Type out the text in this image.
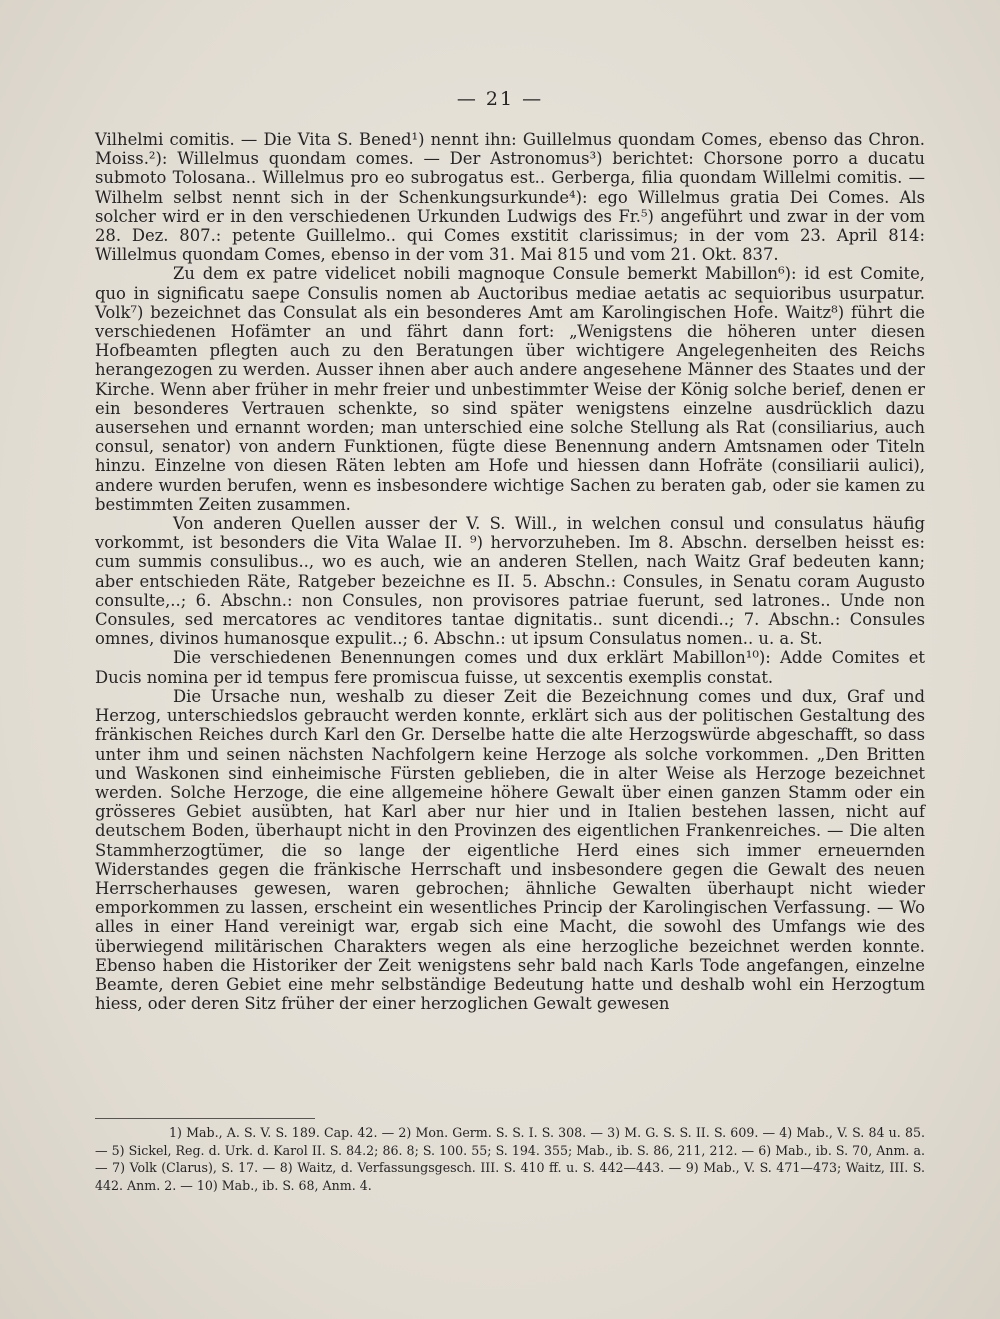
— 21 —

Vilhelmi comitis. — Die Vita S. Bened¹) nennt ihn: Guillelmus quondam Comes, ebenso das Chron. Moiss.²): Willelmus quondam comes. — Der Astronomus³) berichtet: Chorsone porro a ducatu submoto Tolosana.. Willelmus pro eo subrogatus est.. Gerberga, filia quondam Willelmi comitis. — Wilhelm selbst nennt sich in der Schenkungsurkunde⁴): ego Willelmus gratia Dei Comes. Als solcher wird er in den verschiedenen Urkunden Ludwigs des Fr.⁵) angeführt und zwar in der vom 28. Dez. 807.: petente Guillelmo.. qui Comes exstitit clarissimus; in der vom 23. April 814: Willelmus quondam Comes, ebenso in der vom 31. Mai 815 und vom 21. Okt. 837.

Zu dem ex patre videlicet nobili magnoque Consule bemerkt Mabillon⁶): id est Comite, quo in significatu saepe Consulis nomen ab Auctoribus mediae aetatis ac sequioribus usurpatur. Volk⁷) bezeichnet das Consulat als ein besonderes Amt am Karolingischen Hofe. Waitz⁸) führt die verschiedenen Hofämter an und fährt dann fort: „Wenigstens die höheren unter diesen Hofbeamten pflegten auch zu den Beratungen über wichtigere Angelegenheiten des Reichs herangezogen zu werden. Ausser ihnen aber auch andere angesehene Männer des Staates und der Kirche. Wenn aber früher in mehr freier und unbestimmter Weise der König solche berief, denen er ein besonderes Vertrauen schenkte, so sind später wenigstens einzelne ausdrücklich dazu ausersehen und ernannt worden; man unterschied eine solche Stellung als Rat (consiliarius, auch consul, senator) von andern Funktionen, fügte diese Benennung andern Amtsnamen oder Titeln hinzu. Einzelne von diesen Räten lebten am Hofe und hiessen dann Hofräte (consiliarii aulici), andere wurden berufen, wenn es insbesondere wichtige Sachen zu beraten gab, oder sie kamen zu bestimmten Zeiten zusammen.

Von anderen Quellen ausser der V. S. Will., in welchen consul und consulatus häufig vorkommt, ist besonders die Vita Walae II. ⁹) hervorzuheben. Im 8. Abschn. derselben heisst es: cum summis consulibus.., wo es auch, wie an anderen Stellen, nach Waitz Graf bedeuten kann; aber entschieden Räte, Ratgeber bezeichne es II. 5. Abschn.: Consules, in Senatu coram Augusto consulte,..; 6. Abschn.: non Consules, non provisores patriae fuerunt, sed latrones.. Unde non Consules, sed mercatores ac venditores tantae dignitatis.. sunt dicendi..; 7. Abschn.: Consules omnes, divinos humanosque expulit..; 6. Abschn.: ut ipsum Consulatus nomen.. u. a. St.

Die verschiedenen Benennungen comes und dux erklärt Mabillon¹⁰): Adde Comites et Ducis nomina per id tempus fere promiscua fuisse, ut sexcentis exemplis constat.

Die Ursache nun, weshalb zu dieser Zeit die Bezeichnung comes und dux, Graf und Herzog, unterschiedslos gebraucht werden konnte, erklärt sich aus der politischen Gestaltung des fränkischen Reiches durch Karl den Gr. Derselbe hatte die alte Herzogswürde abgeschafft, so dass unter ihm und seinen nächsten Nachfolgern keine Herzoge als solche vorkommen. „Den Britten und Waskonen sind einheimische Fürsten geblieben, die in alter Weise als Herzoge bezeichnet werden. Solche Herzoge, die eine allgemeine höhere Gewalt über einen ganzen Stamm oder ein grösseres Gebiet ausübten, hat Karl aber nur hier und in Italien bestehen lassen, nicht auf deutschem Boden, überhaupt nicht in den Provinzen des eigentlichen Frankenreiches. — Die alten Stammherzogtümer, die so lange der eigentliche Herd eines sich immer erneuernden Widerstandes gegen die fränkische Herrschaft und insbesondere gegen die Gewalt des neuen Herrscherhauses gewesen, waren gebrochen; ähnliche Gewalten überhaupt nicht wieder emporkommen zu lassen, erscheint ein wesentliches Princip der Karolingischen Verfassung. — Wo alles in einer Hand vereinigt war, ergab sich eine Macht, die sowohl des Umfangs wie des überwiegend militärischen Charakters wegen als eine herzogliche bezeichnet werden konnte. Ebenso haben die Historiker der Zeit wenigstens sehr bald nach Karls Tode angefangen, einzelne Beamte, deren Gebiet eine mehr selbständige Bedeutung hatte und deshalb wohl ein Herzogtum hiess, oder deren Sitz früher der einer herzoglichen Gewalt gewesen

1) Mab., A. S. V. S. 189. Cap. 42. — 2) Mon. Germ. S. S. I. S. 308. — 3) M. G. S. S. II. S. 609. — 4) Mab., V. S. 84 u. 85. — 5) Sickel, Reg. d. Urk. d. Karol II. S. 84.2; 86. 8; S. 100. 55; S. 194. 355; Mab., ib. S. 86, 211, 212. — 6) Mab., ib. S. 70, Anm. a. — 7) Volk (Clarus), S. 17. — 8) Waitz, d. Verfassungsgesch. III. S. 410 ff. u. S. 442—443. — 9) Mab., V. S. 471—473; Waitz, III. S. 442. Anm. 2. — 10) Mab., ib. S. 68, Anm. 4.
